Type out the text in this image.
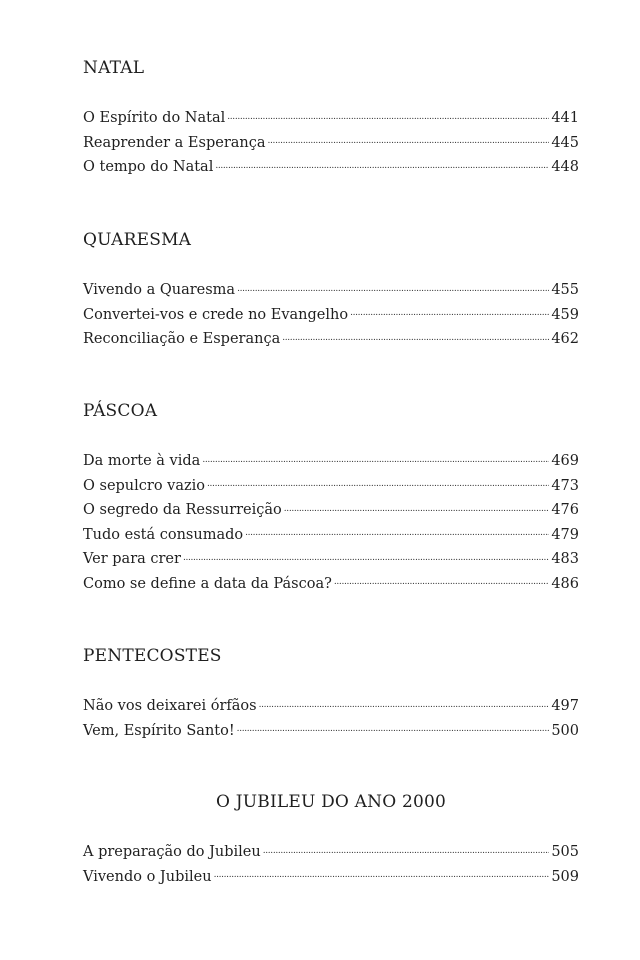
NATAL
O Espírito do Natal . . .	441
Reaprender a Esperança . . .	445
O tempo do Natal . . .	448
QUARESMA
Vivendo a Quaresma . . .	455
Convertei-vos e crede no Evangelho . . .	459
Reconciliação e Esperança . . .	462
PÁSCOA
Da morte à vida . . .	469
O sepulcro vazio . . .	473
O segredo da Ressurreição . . .	476
Tudo está consumado . . .	479
Ver para crer . . .	483
Como se define a data da Páscoa? . . .	486
PENTECOSTES
Não vos deixarei órfãos . . .	497
Vem, Espírito Santo! . . .	500
O JUBILEU DO ANO 2000
A preparação do Jubileu . . .	505
Vivendo o Jubileu . . .	509
